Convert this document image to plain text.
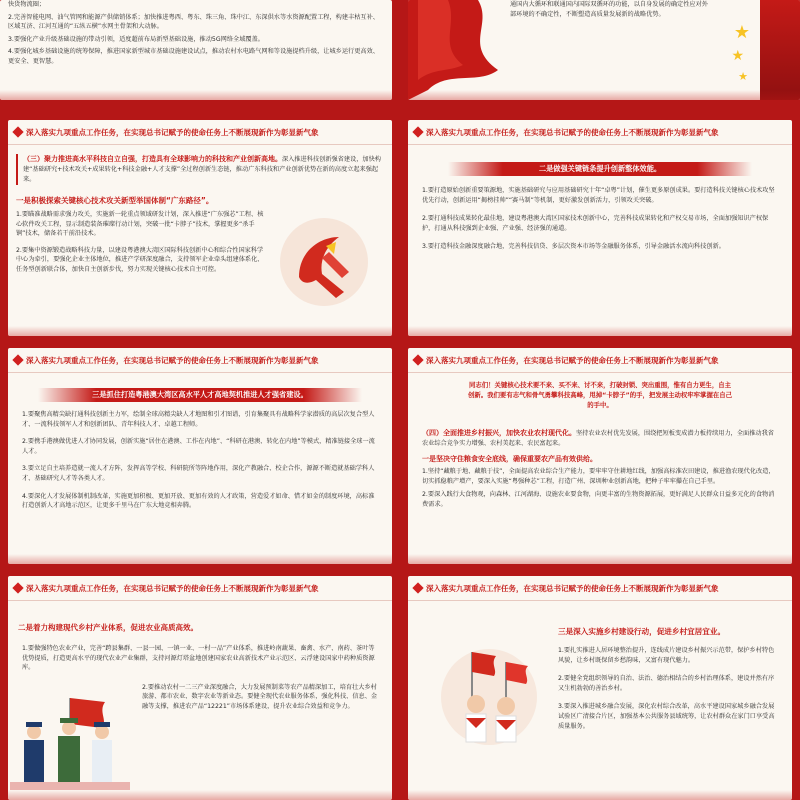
快货物流圈；
2.完善智能电网、油气管网和能源产供储销体系；加快推进粤西、粤东、珠三角、珠中江、东深供水等水资源配置工程，构建丰枯互补、区域互济、江河互通的“五纵五横”水网主骨架和大动脉。
3.要强化产业升级基础设施的带动引领，适度超前布局新型基础设施，推动5G网络全域覆盖。
4.要强化城乡基础设施的统筹保障，推进国家新型城市基础设施建设试点，推动农村水电路气网和等设施提档升级，让城乡运行更高效、更安全、更智慧。
通国内大循环和联通国内国际双循环的功能，以自身发展的确定性应对外部环境的不确定性，不断塑造高质量发展新的战略优势。
★
★
★
深入落实九项重点工作任务，在实现总书记赋予的使命任务上不断展现新作为彰显新气象
（三）聚力推进高水平科技自立自强，打造具有全球影响力的科技和产业创新高地。深入推进科技创新强省建设，加快构建“基础研究+技术攻关+成果转化+科技金融+人才支撑”全过程创新生态链，推动广东科技和产业创新优势在新的高度立起来强起来。
一是积极探索关键核心技术攻关新型举国体制“广东路径”。
1.要瞄准战略需求强力攻关，实施新一轮重点领域研发计划，深入推进“广东强芯”工程、核心软件攻关工程，显示制造装备璀璨行动计划，突破一批“卡脖子”技术，掌握更多“杀手锏”技术，储备若干前沿技术。
2.要集中资源锻造战略科技力量，以建设粤港澳大湾区国际科技创新中心和综合性国家科学中心为牵引，要强化企业主体地位，推进产学研深度融合，支持领军企业牵头组建体系化、任务型创新联合体，加快自主创新步伐，努力实现关键核心技术自主可控。
深入落实九项重点工作任务，在实现总书记赋予的使命任务上不断展现新作为彰显新气象
二是做强关键链条提升创新整体效能。
1.要打造原始创新重要策源地，实施基础研究与应用基础研究十年“卓粤”计划，催生更多原创成果。要打造科技关键核心技术攻坚优先行动，创新运用“揭榜挂帅”“赛马制”等机制，更好激发创新活力，引领攻关突破。
2.要打通科技成果转化最佳地，建设粤港澳大湾区国家技术创新中心，完善科技成果转化和产权交易市场，全面加强知识产权保护，打通从科技强到企业强、产业强、经济强的通道。
3.要打造科技金融深度融合地，完善科技信贷、多层次资本市场等金融服务体系，引导金融活水流向科技创新。
深入落实九项重点工作任务，在实现总书记赋予的使命任务上不断展现新作为彰显新气象
三是抓住打造粤港澳大湾区高水平人才高地契机推进人才强省建设。
1.要聚焦高精尖缺打通科技创新主力军，绘制全球高精尖缺人才地图和引才图谱，引育集聚具有战略科学家潜质的高层次复合型人才、一流科技领军人才和创新团队、青年科技人才、卓越工程师。
2.要携手港澳做优进人才协同发展，创新实施“居住在港澳、工作在内地”、“科研在港澳、转化在内地”等模式，精准链接全球一流人才。
3.要立足自主培养造就一流人才方阵，发挥高等学校、科研院所等阵地作用，深化产教融合、校企合作，源源不断造就基础学科人才、基础研究人才等各类人才。
4.要深化人才发展体制机制改革，实施更加积极、更加开放、更加有效的人才政策，营造爱才如命、惜才如金的制度环境，高标准打造创新人才高地示范区，让更多千里马在广东大地竞相奔腾。
深入落实九项重点工作任务，在实现总书记赋予的使命任务上不断展现新作为彰显新气象
同志们！关键核心技术要不来、买不来、讨不来，打破封锁、突出重围，惟有自力更生，自主创新。我们要有志气和骨气勇攀科技高峰，甩掉“卡脖子”的手，把发展主动权牢牢掌握在自己的手中。
（四）全面推进乡村振兴，加快农业农村现代化。坚持农业农村优先发展，围绕把短板变成潜力板持续用力，全面推动我省农业综合竞争实力增强、农村美起来、农民富起来。
一是坚决守住粮食安全底线，确保重要农产品有效供给。
1.坚持“藏粮于地、藏粮于技”，全面提高农业综合生产能力，要牢牢守住耕地红线，加强高标准农田建设，推进渔农现代化改造，切实抓稳粮产增产，要深入实施“粤强种芯”工程，打造广州、深圳种业创新高地，把种子牢牢攥在自己手里。
2.要深入践行大食物观，向森林、江河湖海、设施农业要食物，向更丰富的生物资源拓展，更好满足人民群众日益多元化的食物消费需求。
深入落实九项重点工作任务，在实现总书记赋予的使命任务上不断展现新作为彰显新气象
二是着力构建现代乡村产业体系，促进农业高质高效。
1.要做强特色农业产业，完善“跨县集群、一县一园、一镇一业、一村一品”产业体系，推进岭南蔬果、畜禽、水产、南药、茶叶等优势提质，打造更高水平的现代农业产业集群，支持河源灯塔盆地创建国家农业高新技术产业示范区、云浮建设国家中药种质资源库。
2.要推动农村一二三产业深度融合，大力发展预制菜等农产品精深加工，培育壮大乡村旅游、都市农业、数字农业等新业态。要健全现代农业服务体系，强化科技、信息、金融等支撑，推进农产品“12221”市场体系建设，提升农业综合效益和竞争力。
深入落实九项重点工作任务，在实现总书记赋予的使命任务上不断展现新作为彰显新气象
三是深入实施乡村建设行动，促进乡村宜居宜业。
1.要扎实推进人居环境整治提升，连线成片建设乡村振兴示范带，保护乡村特色风貌，让乡村既保留乡愁韵味，又富有现代魅力。
2.要健全党组织领导的自治、法治、德治相结合的乡村治理体系，建设并然有序又生机勃勃的善治乡村。
3.要深入推进城乡融合发展，深化农村综合改革，高水平建设国家城乡融合发展试验区广清接合片区，加强基本公共服务县域统筹，让农村群众在家门口享受高质量服务。
